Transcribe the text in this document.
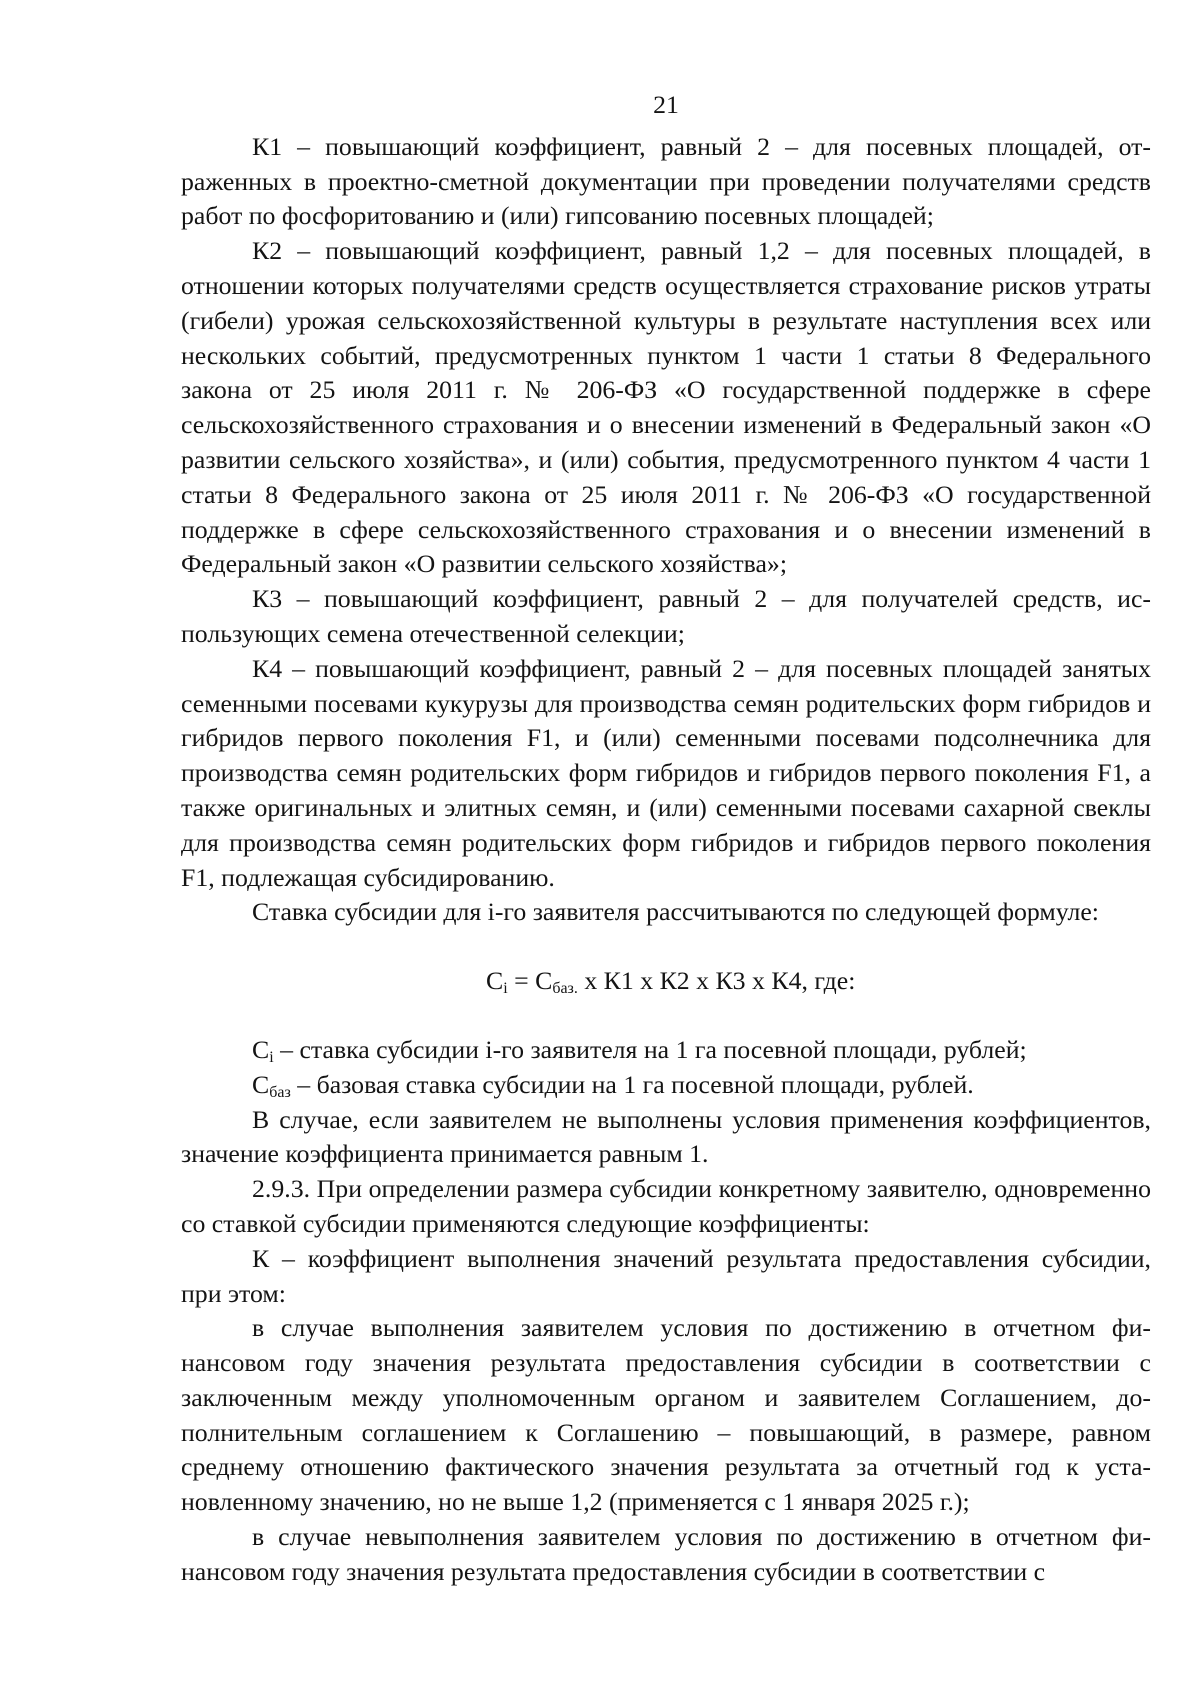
21

К1 – повышающий коэффициент, равный 2 – для посевных площадей, отраженных в проектно-сметной документации при проведении получателями средств работ по фосфоритованию и (или) гипсованию посевных площадей;

К2 – повышающий коэффициент, равный 1,2 – для посевных площадей, в отношении которых получателями средств осуществляется страхование рисков утраты (гибели) урожая сельскохозяйственной культуры в результате наступления всех или нескольких событий, предусмотренных пунктом 1 части 1 статьи 8 Федерального закона от 25 июля 2011 г. № 206-ФЗ «О государственной поддержке в сфере сельскохозяйственного страхования и о внесении изменений в Федеральный закон «О развитии сельского хозяйства», и (или) события, предусмотренного пунктом 4 части 1 статьи 8 Федерального закона от 25 июля 2011 г. № 206-ФЗ «О государственной поддержке в сфере сельскохозяйственного страхования и о внесении изменений в Федеральный закон «О развитии сельского хозяйства»;

К3 – повышающий коэффициент, равный 2 – для получателей средств, использующих семена отечественной селекции;

К4 – повышающий коэффициент, равный 2 – для посевных площадей занятых семенными посевами кукурузы для производства семян родительских форм гибридов и гибридов первого поколения F1, и (или) семенными посевами подсолнечника для производства семян родительских форм гибридов и гибридов первого поколения F1, а также оригинальных и элитных семян, и (или) семенными посевами сахарной свеклы для производства семян родительских форм гибридов и гибридов первого поколения F1, подлежащая субсидированию.

Ставка субсидии для i-го заявителя рассчитываются по следующей формуле:

$C_i = C_{баз.}$ x К1 x К2 x К3 x К4, где:

$C_i$ – ставка субсидии i-го заявителя на 1 га посевной площади, рублей;

$C_{баз}$ – базовая ставка субсидии на 1 га посевной площади, рублей.

В случае, если заявителем не выполнены условия применения коэффициентов, значение коэффициента принимается равным 1.

2.9.3. При определении размера субсидии конкретному заявителю, одновременно со ставкой субсидии применяются следующие коэффициенты:

К – коэффициент выполнения значений результата предоставления субсидии, при этом:

в случае выполнения заявителем условия по достижению в отчетном финансовом году значения результата предоставления субсидии в соответствии с заключенным между уполномоченным органом и заявителем Соглашением, дополнительным соглашением к Соглашению – повышающий, в размере, равном среднему отношению фактического значения результата за отчетный год к установленному значению, но не выше 1,2 (применяется с 1 января 2025 г.);

в случае невыполнения заявителем условия по достижению в отчетном финансовом году значения результата предоставления субсидии в соответствии с
